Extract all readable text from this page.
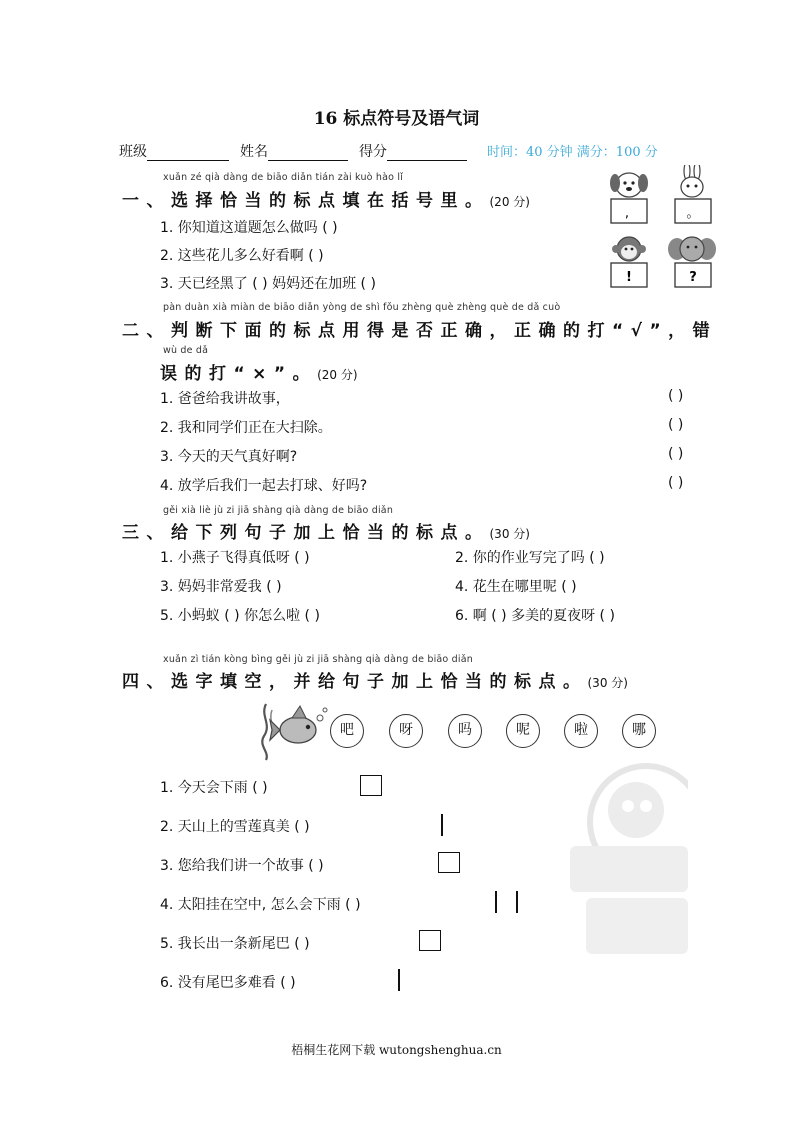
16 标点符号及语气词
班级	姓名	得分	时间：40 分钟 满分：100 分
xuǎn zé qià dàng de biāo diǎn tián zài kuò hào lǐ
一、选择恰当的标点填在括号里。(20 分)
1. 你知道这道题怎么做吗 ( )
2. 这些花儿多么好看啊 ( )
3. 天已经黑了 ( ) 妈妈还在加班 ( )
,	。
!	?
pàn duàn xià miàn de biāo diǎn yòng de shì fǒu zhèng què zhèng què de dǎ cuò
二、判断下面的标点用得是否正确，正确的打“√”，错
wù de dǎ
误的打“×”。(20 分)
1. 爸爸给我讲故事，	( )
2. 我和同学们正在大扫除。	( )
3. 今天的天气真好啊?	( )
4. 放学后我们一起去打球、好吗?	( )
gěi xià liè jù zi jiā shàng qià dàng de biāo diǎn
三、给下列句子加上恰当的标点。(30 分)
1. 小燕子飞得真低呀 ( )	2. 你的作业写完了吗 ( )
3. 妈妈非常爱我 ( )	4. 花生在哪里呢 ( )
5. 小蚂蚁 ( ) 你怎么啦 ( )	6. 啊 ( ) 多美的夏夜呀 ( )
xuǎn zì tián kòng bìng gěi jù zi jiā shàng qià dàng de biāo diǎn
四、选字填空，并给句子加上恰当的标点。(30 分)
吧	呀	吗	呢	啦	哪
1. 今天会下雨 ( )
2. 天山上的雪莲真美 ( )
3. 您给我们讲一个故事 ( )
4. 太阳挂在空中, 怎么会下雨 ( )
5. 我长出一条新尾巴 ( )
6. 没有尾巴多难看 ( )
梧桐生花网下载 wutongshenghua.cn
